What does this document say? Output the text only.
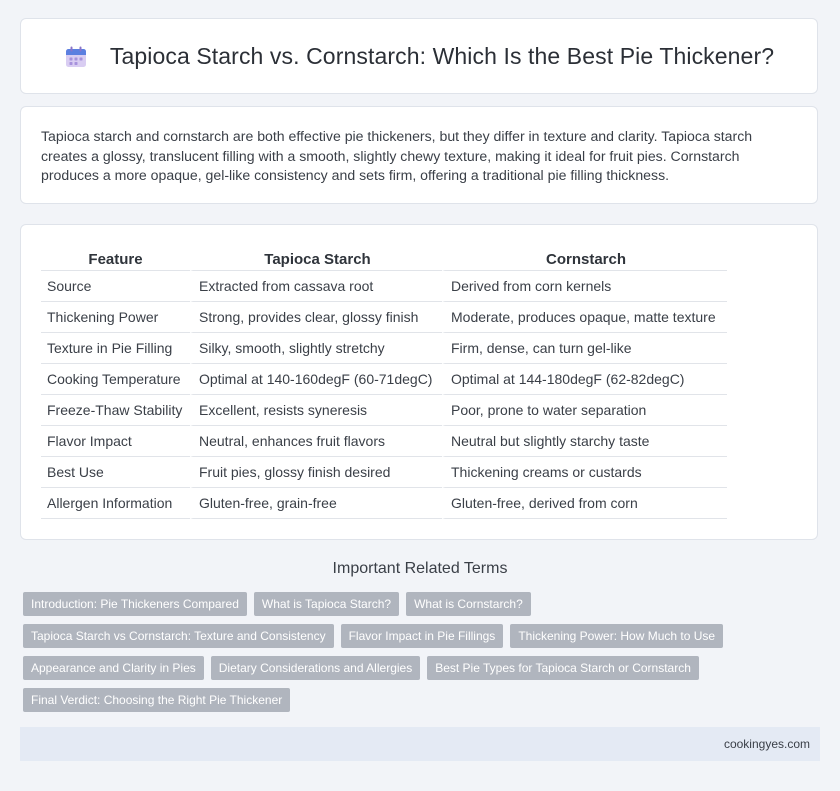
Tapioca Starch vs. Cornstarch: Which Is the Best Pie Thickener?

Tapioca starch and cornstarch are both effective pie thickeners, but they differ in texture and clarity. Tapioca starch creates a glossy, translucent filling with a smooth, slightly chewy texture, making it ideal for fruit pies. Cornstarch produces a more opaque, gel-like consistency and sets firm, offering a traditional pie filling thickness.

Feature	Tapioca Starch	Cornstarch
Source	Extracted from cassava root	Derived from corn kernels
Thickening Power	Strong, provides clear, glossy finish	Moderate, produces opaque, matte texture
Texture in Pie Filling	Silky, smooth, slightly stretchy	Firm, dense, can turn gel-like
Cooking Temperature	Optimal at 140-160degF (60-71degC)	Optimal at 144-180degF (62-82degC)
Freeze-Thaw Stability	Excellent, resists syneresis	Poor, prone to water separation
Flavor Impact	Neutral, enhances fruit flavors	Neutral but slightly starchy taste
Best Use	Fruit pies, glossy finish desired	Thickening creams or custards
Allergen Information	Gluten-free, grain-free	Gluten-free, derived from corn
Important Related Terms
Introduction: Pie Thickeners Compared	What is Tapioca Starch?	What is Cornstarch?
Tapioca Starch vs Cornstarch: Texture and Consistency	Flavor Impact in Pie Fillings	Thickening Power: How Much to Use
Appearance and Clarity in Pies	Dietary Considerations and Allergies	Best Pie Types for Tapioca Starch or Cornstarch
Final Verdict: Choosing the Right Pie Thickener
cookingyes.com
